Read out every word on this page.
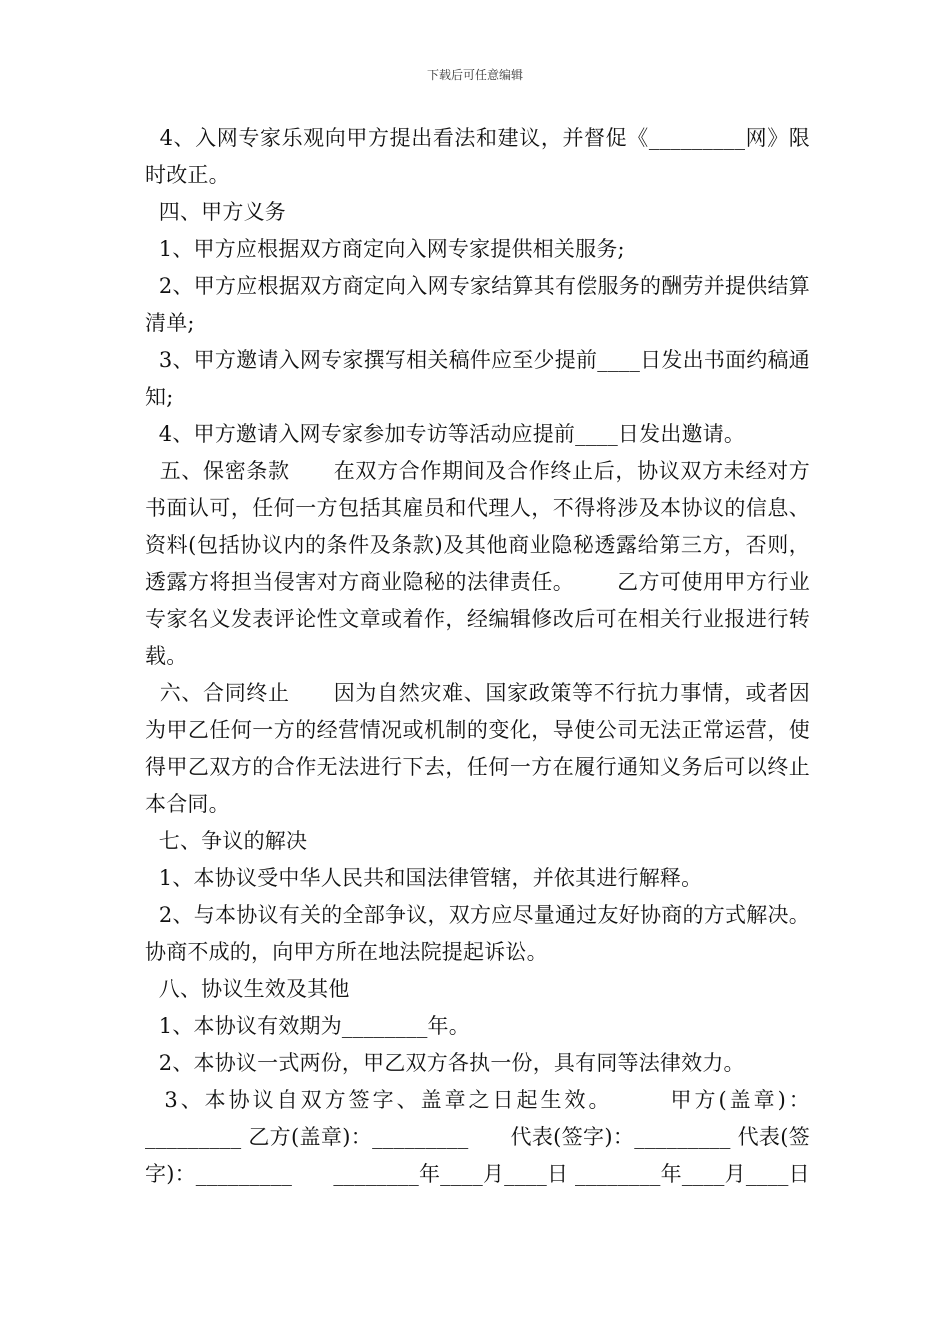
下载后可任意编辑

4、入网专家乐观向甲方提出看法和建议，并督促《_________网》限时改正。

四、甲方义务

1、甲方应根据双方商定向入网专家提供相关服务;

2、甲方应根据双方商定向入网专家结算其有偿服务的酬劳并提供结算清单;

3、甲方邀请入网专家撰写相关稿件应至少提前____日发出书面约稿通知;

4、甲方邀请入网专家参加专访等活动应提前____日发出邀请。

五、保密条款      在双方合作期间及合作终止后，协议双方未经对方书面认可，任何一方包括其雇员和代理人，不得将涉及本协议的信息、资料(包括协议内的条件及条款)及其他商业隐秘透露给第三方，否则，透露方将担当侵害对方商业隐秘的法律责任。      乙方可使用甲方行业专家名义发表评论性文章或着作，经编辑修改后可在相关行业报进行转载。

六、合同终止      因为自然灾难、国家政策等不行抗力事情，或者因为甲乙任何一方的经营情况或机制的变化，导使公司无法正常运营，使得甲乙双方的合作无法进行下去，任何一方在履行通知义务后可以终止本合同。

七、争议的解决

1、本协议受中华人民共和国法律管辖，并依其进行解释。

2、与本协议有关的全部争议，双方应尽量通过友好协商的方式解决。协商不成的，向甲方所在地法院提起诉讼。

八、协议生效及其他

1、本协议有效期为________年。

2、本协议一式两份，甲乙双方各执一份，具有同等法律效力。

3、本协议自双方签字、盖章之日起生效。      甲方(盖章)：_________ 乙方(盖章)：_________      代表(签字)：_________ 代表(签字)：_________      ________年____月____日 ________年____月____日
